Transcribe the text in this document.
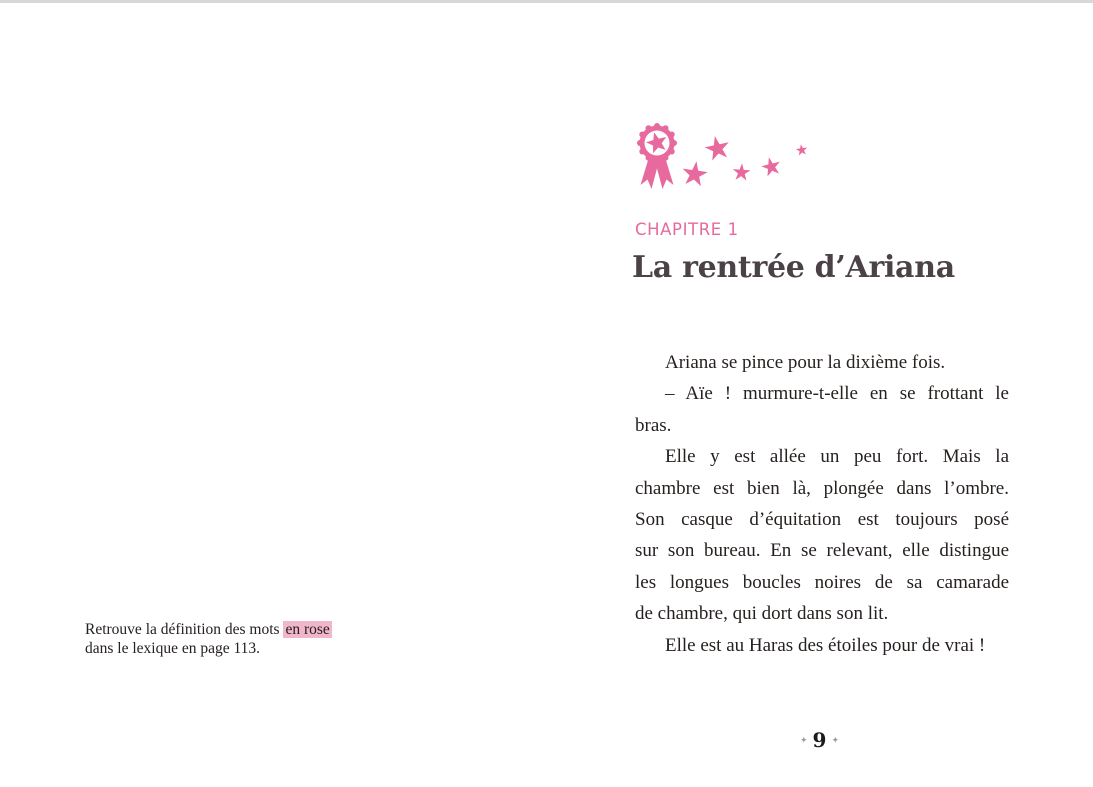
Retrouve la définition des mots en rose dans le lexique en page 113.

★
★ ★ ★ ★
CHAPITRE 1
La rentrée d’Ariana
Ariana se pince pour la dixième fois.
– Aïe ! murmure-t-elle en se frottant le
bras.
Elle y est allée un peu fort. Mais la
chambre est bien là, plongée dans l’ombre.
Son casque d’équitation est toujours posé
sur son bureau. En se relevant, elle distingue
les longues boucles noires de sa camarade
de chambre, qui dort dans son lit.
Elle est au Haras des étoiles pour de vrai !
✦ 9 ✦
